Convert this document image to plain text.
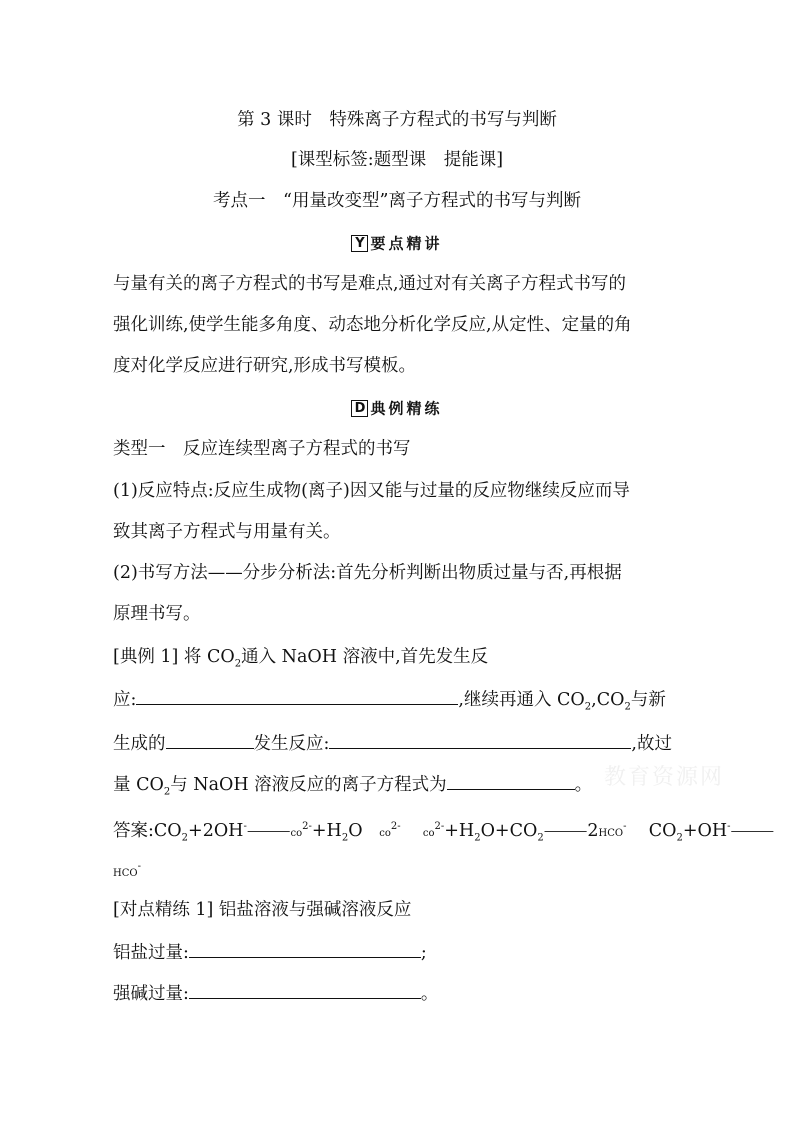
第 3 课时　特殊离子方程式的书写与判断
[课型标签:题型课　提能课]
考点一　“用量改变型”离子方程式的书写与判断
Y 要点精讲
与量有关的离子方程式的书写是难点,通过对有关离子方程式书写的
强化训练,使学生能多角度、动态地分析化学反应,从定性、定量的角
度对化学反应进行研究,形成书写模板。
D 典例精练
类型一　反应连续型离子方程式的书写
(1)反应特点:反应生成物(离子)因又能与过量的反应物继续反应而导
致其离子方程式与用量有关。
(2)书写方法——分步分析法:首先分析判断出物质过量与否,再根据
原理书写。
[典例 1] 将 $CO_2$通入 NaOH 溶液中,首先发生反
应:	,继续再通入 $CO_2,CO_2$与新
生成的	发生反应:	,故过
量 $CO_2$与 NaOH 溶液反应的离子方程式为	。 教育资源网
答案$:CO_2+2OH^-⸻co^{2-}+H_2O$ $co^{2-}$    $co^{2-}+H_2O+CO_2⸻2HCO^-$ $CO_2+OH^-⸻$
HCO-
[对点精练 1] 铝盐溶液与强碱溶液反应
铝盐过量:	;
强碱过量:	。
